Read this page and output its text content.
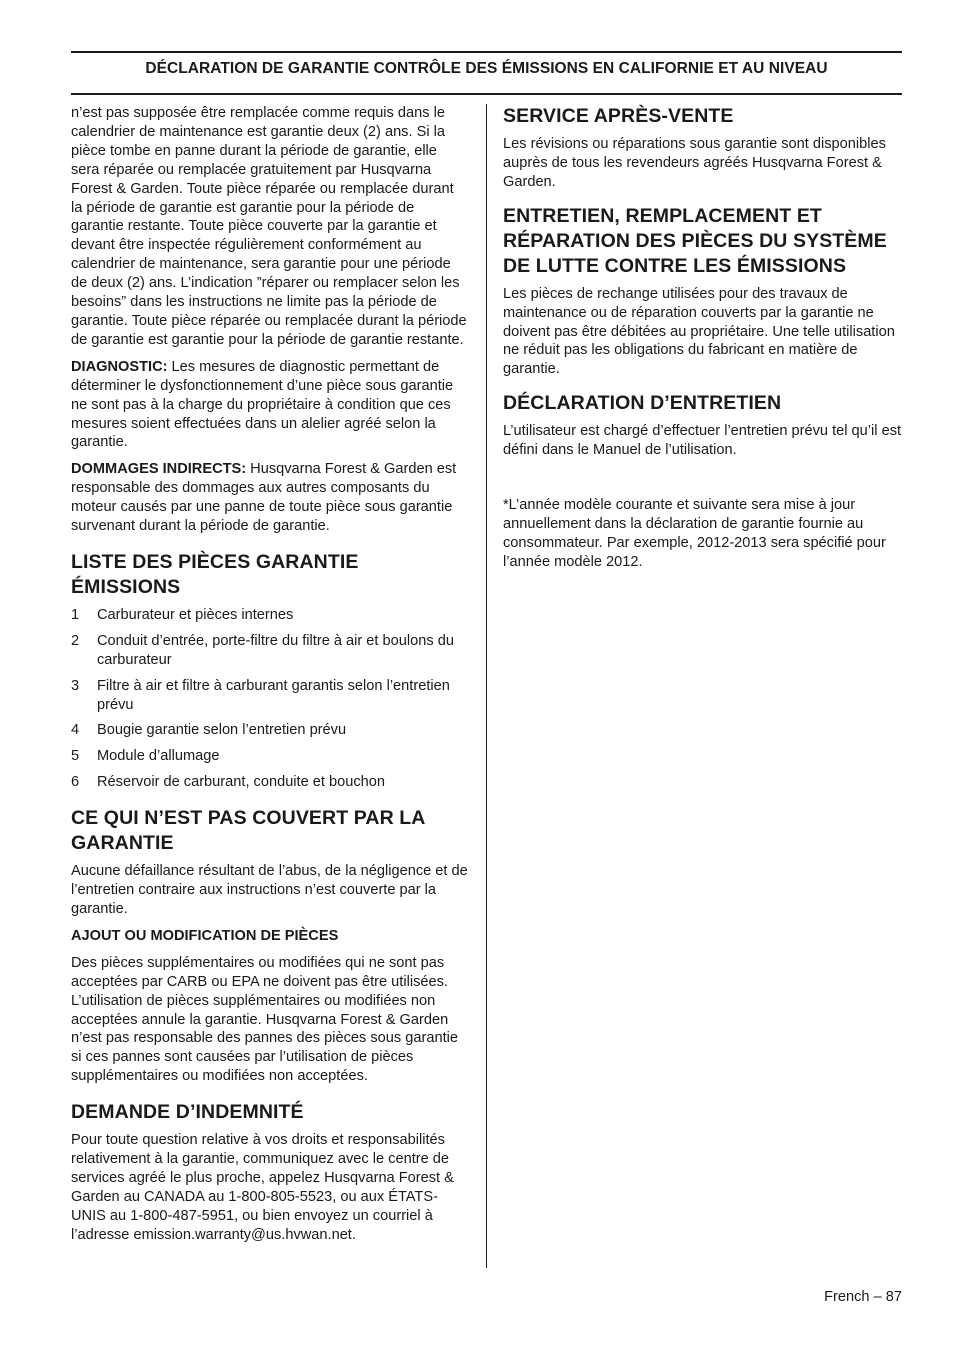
DÉCLARATION DE GARANTIE CONTRÔLE DES ÉMISSIONS EN CALIFORNIE ET AU NIVEAU

n’est pas supposée être remplacée comme requis dans le calendrier de maintenance est garantie deux (2) ans. Si la pièce tombe en panne durant la période de garantie, elle sera réparée ou remplacée gratuitement par Husqvarna Forest & Garden. Toute pièce réparée ou remplacée durant la période de garantie est garantie pour la période de garantie restante. Toute pièce couverte par la garantie et devant être inspectée régulièrement conformément au calendrier de maintenance, sera garantie pour une période de deux (2) ans. L’indication ”réparer ou remplacer selon les besoins” dans les instructions ne limite pas la période de garantie. Toute pièce réparée ou remplacée durant la période de garantie est garantie pour la période de garantie restante.

DIAGNOSTIC: Les mesures de diagnostic permettant de déterminer le dysfonctionnement d’une pièce sous garantie ne sont pas à la charge du propriétaire à condition que ces mesures soient effectuées dans un alelier agréé selon la garantie.

DOMMAGES INDIRECTS: Husqvarna Forest & Garden est responsable des dommages aux autres composants du moteur causés par une panne de toute pièce sous garantie survenant durant la période de garantie.

LISTE DES PIÈCES GARANTIE ÉMISSIONS
1	Carburateur et pièces internes
2	Conduit d’entrée, porte-filtre du filtre à air et boulons du carburateur
3	Filtre à air et filtre à carburant garantis selon l’entretien prévu
4	Bougie garantie selon l’entretien prévu
5	Module d’allumage
6	Réservoir de carburant, conduite et bouchon
CE QUI N’EST PAS COUVERT PAR LA GARANTIE

Aucune défaillance résultant de l’abus, de la négligence et de l’entretien contraire aux instructions n’est couverte par la garantie.

AJOUT OU MODIFICATION DE PIÈCES

Des pièces supplémentaires ou modifiées qui ne sont pas acceptées par CARB ou EPA ne doivent pas être utilisées. L’utilisation de pièces supplémentaires ou modifiées non acceptées annule la garantie. Husqvarna Forest & Garden n’est pas responsable des pannes des pièces sous garantie si ces pannes sont causées par l’utilisation de pièces supplémentaires ou modifiées non acceptées.

DEMANDE D’INDEMNITÉ

Pour toute question relative à vos droits et responsabilités relativement à la garantie, communiquez avec le centre de services agréé le plus proche, appelez Husqvarna Forest & Garden au CANADA au 1-800-805-5523, ou aux ÉTATS-UNIS au 1-800-487-5951, ou bien envoyez un courriel à l’adresse emission.warranty@us.hvwan.net.

SERVICE APRÈS-VENTE

Les révisions ou réparations sous garantie sont disponibles auprès de tous les revendeurs agréés Husqvarna Forest & Garden.

ENTRETIEN, REMPLACEMENT ET RÉPARATION DES PIÈCES DU SYSTÈME DE LUTTE CONTRE LES ÉMISSIONS

Les pièces de rechange utilisées pour des travaux de maintenance ou de réparation couverts par la garantie ne doivent pas être débitées au propriétaire. Une telle utilisation ne réduit pas les obligations du fabricant en matière de garantie.

DÉCLARATION D’ENTRETIEN

L’utilisateur est chargé d’effectuer l’entretien prévu tel qu’il est défini dans le Manuel de l’utilisation.

*L’année modèle courante et suivante sera mise à jour annuellement dans la déclaration de garantie fournie au consommateur. Par exemple, 2012-2013 sera spécifié pour l’année modèle 2012.

French – 87
